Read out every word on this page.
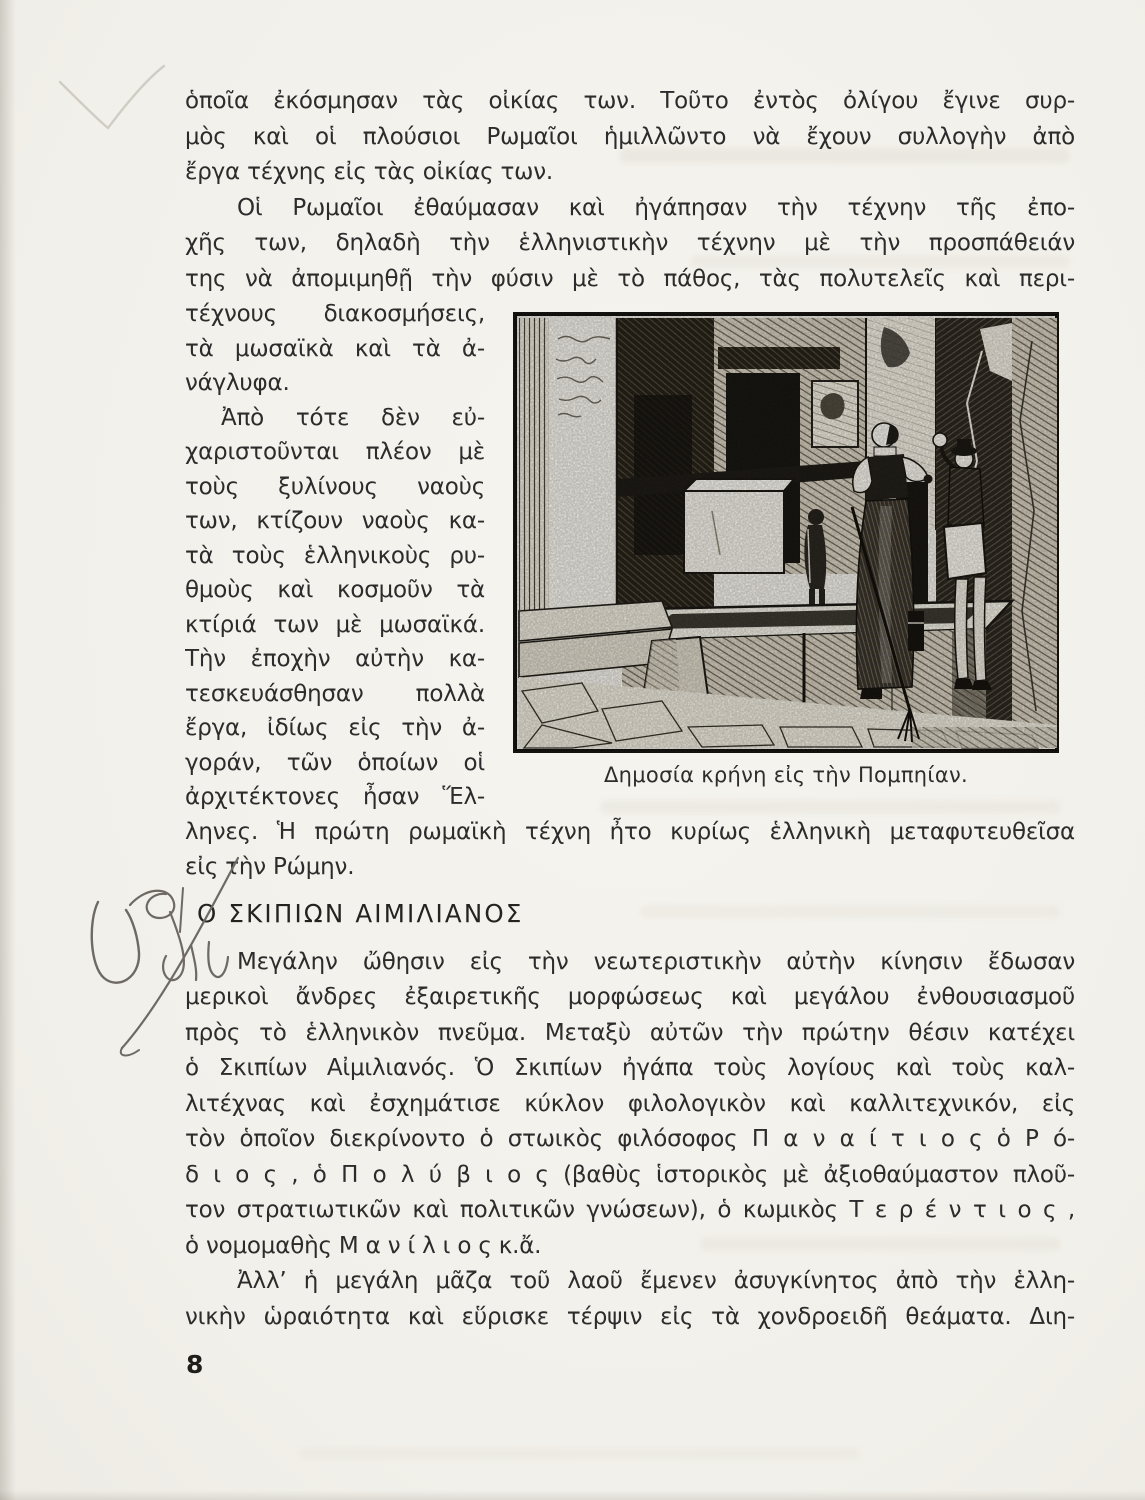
ὁποῖα ἐκόσμησαν τὰς οἰκίας των. Τοῦτο ἐντὸς ὀλίγου ἔγινε συρ-
μὸς καὶ οἱ πλούσιοι Ρωμαῖοι ἡμιλλῶντο νὰ ἔχουν συλλογὴν ἀπὸ
ἔργα τέχνης εἰς τὰς οἰκίας των.
Οἱ Ρωμαῖοι ἐθαύμασαν καὶ ἠγάπησαν τὴν τέχνην τῆς ἐπο-
χῆς των, δηλαδὴ τὴν ἑλληνιστικὴν τέχνην μὲ τὴν προσπάθειάν
της νὰ ἀπομιμηθῇ τὴν φύσιν μὲ τὸ πάθος, τὰς πολυτελεῖς καὶ περι-
τέχνους διακοσμήσεις,
τὰ μωσαϊκὰ καὶ τὰ ἀ-
νάγλυφα.
Ἀπὸ τότε δὲν εὐ-
χαριστοῦνται πλέον μὲ
τοὺς ξυλίνους ναοὺς
των, κτίζουν ναοὺς κα-
τὰ τοὺς ἑλληνικοὺς ρυ-
θμοὺς καὶ κοσμοῦν τὰ
κτίριά των μὲ μωσαϊκά.
Τὴν ἐποχὴν αὐτὴν κα-
τεσκευάσθησαν πολλὰ
ἔργα, ἰδίως εἰς τὴν ἀ-
γοράν, τῶν ὁποίων οἱ
ἀρχιτέκτονες ἦσαν Ἕλ-
Δημοσία κρήνη εἰς τὴν Πομπηίαν.
ληνες. Ἡ πρώτη ρωμαϊκὴ τέχνη ἦτο κυρίως ἑλληνικὴ μεταφυτευθεῖσα
εἰς τὴν Ρώμην.
Ο ΣΚΙΠΙΩΝ ΑΙΜΙΛΙΑΝΟΣ
Μεγάλην ὤθησιν εἰς τὴν νεωτεριστικὴν αὐτὴν κίνησιν ἔδωσαν
μερικοὶ ἄνδρες ἐξαιρετικῆς μορφώσεως καὶ μεγάλου ἐνθουσιασμοῦ
πρὸς τὸ ἑλληνικὸν πνεῦμα. Μεταξὺ αὐτῶν τὴν πρώτην θέσιν κατέχει
ὁ Σκιπίων Αἰμιλιανός. Ὁ Σκιπίων ἠγάπα τοὺς λογίους καὶ τοὺς καλ-
λιτέχνας καὶ ἐσχημάτισε κύκλον φιλολογικὸν καὶ καλλιτεχνικόν, εἰς
τὸν ὁποῖον διεκρίνοντο ὁ στωικὸς φιλόσοφος Π α ν α ί τ ι ο ς ὁ Ρ ό-
δ ι ο ς , ὁ Π ο λ ύ β ι ο ς (βαθὺς ἱστορικὸς μὲ ἀξιοθαύμαστον πλοῦ-
τον στρατιωτικῶν καὶ πολιτικῶν γνώσεων), ὁ κωμικὸς Τ ε ρ έ ν τ ι ο ς ,
ὁ νομομαθὴς Μ α ν ί λ ι ο ς κ.ἄ.
Ἀλλ’ ἡ μεγάλη μᾶζα τοῦ λαοῦ ἔμενεν ἀσυγκίνητος ἀπὸ τὴν ἑλλη-
νικὴν ὡραιότητα καὶ εὕρισκε τέρψιν εἰς τὰ χονδροειδῆ θεάματα. Διη-
8
